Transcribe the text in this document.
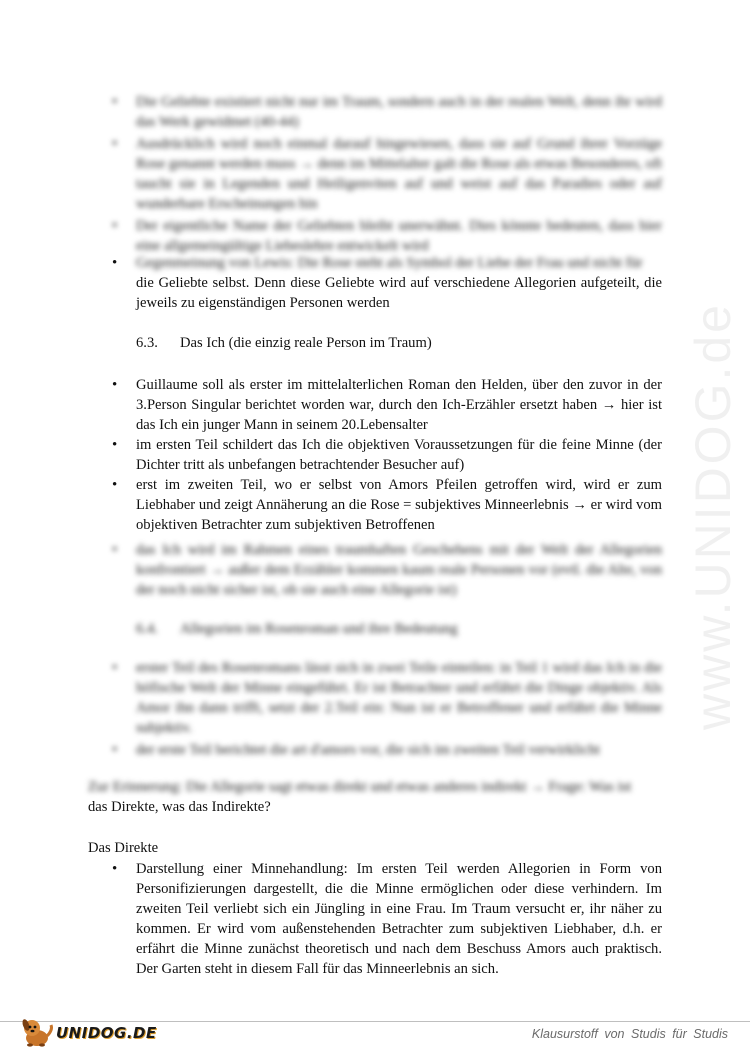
www.UNIDOG.de
• Die Geliebte existiert nicht nur im Traum, sondern auch in der realen Welt, denn ihr wird das Werk gewidmet (40-44)
• Ausdrücklich wird noch einmal darauf hingewiesen, dass sie auf Grund ihrer Vorzüge Rose genannt werden muss → denn im Mittelalter galt die Rose als etwas Besonderes, oft taucht sie in Legenden und Heiligenviten auf und weist auf das Paradies oder auf wunderbare Erscheinungen hin
• Der eigentliche Name der Geliebten bleibt unerwähnt. Dies könnte bedeuten, dass hier eine allgemeingültige Liebeslehre entwickelt wird
• Gegenmeinung von Lewis: Die Rose steht als Symbol der Liebe der Frau und nicht für
die Geliebte selbst. Denn diese Geliebte wird auf verschiedene Allegorien aufgeteilt, die jeweils zu eigenständigen Personen werden
6.3. Das Ich (die einzig reale Person im Traum)
• Guillaume soll als erster im mittelalterlichen Roman den Helden, über den zuvor in der 3.Person Singular berichtet worden war, durch den Ich-Erzähler ersetzt haben → hier ist das Ich ein junger Mann in seinem 20.Lebensalter
• im ersten Teil schildert das Ich die objektiven Voraussetzungen für die feine Minne (der Dichter tritt als unbefangen betrachtender Besucher auf)
• erst im zweiten Teil, wo er selbst von Amors Pfeilen getroffen wird, wird er zum Liebhaber und zeigt Annäherung an die Rose = subjektives Minneerlebnis → er wird vom objektiven Betrachter zum subjektiven Betroffenen
• das Ich wird im Rahmen eines traumhaften Geschehens mit der Welt der Allegorien konfrontiert → außer dem Erzähler kommen kaum reale Personen vor (evtl. die Alte, von der noch nicht sicher ist, ob sie auch eine Allegorie ist)
6.4. Allegorien im Rosenroman und ihre Bedeutung
• erster Teil des Rosenromans lässt sich in zwei Teile einteilen: in Teil 1 wird das Ich in die höfische Welt der Minne eingeführt. Er ist Betrachter und erfährt die Dinge objektiv. Als Amor ihn dann trifft, setzt der 2.Teil ein: Nun ist er Betroffener und erfährt die Minne subjektiv.
• der erste Teil berichtet die art d'amors vor, die sich im zweiten Teil verwirklicht
Zur Erinnerung: Die Allegorie sagt etwas direkt und etwas anderes indirekt → Frage: Was ist
das Direkte, was das Indirekte?
Das Direkte
• Darstellung einer Minnehandlung: Im ersten Teil werden Allegorien in Form von Personifizierungen dargestellt, die die Minne ermöglichen oder diese verhindern. Im zweiten Teil verliebt sich ein Jüngling in eine Frau. Im Traum versucht er, ihr näher zu kommen. Er wird vom außenstehenden Betrachter zum subjektiven Liebhaber, d.h. er erfährt die Minne zunächst theoretisch und nach dem Beschuss Amors auch praktisch. Der Garten steht in diesem Fall für das Minneerlebnis an sich.
UNIDOG.DE	Klausurstoff von Studis für Studis
